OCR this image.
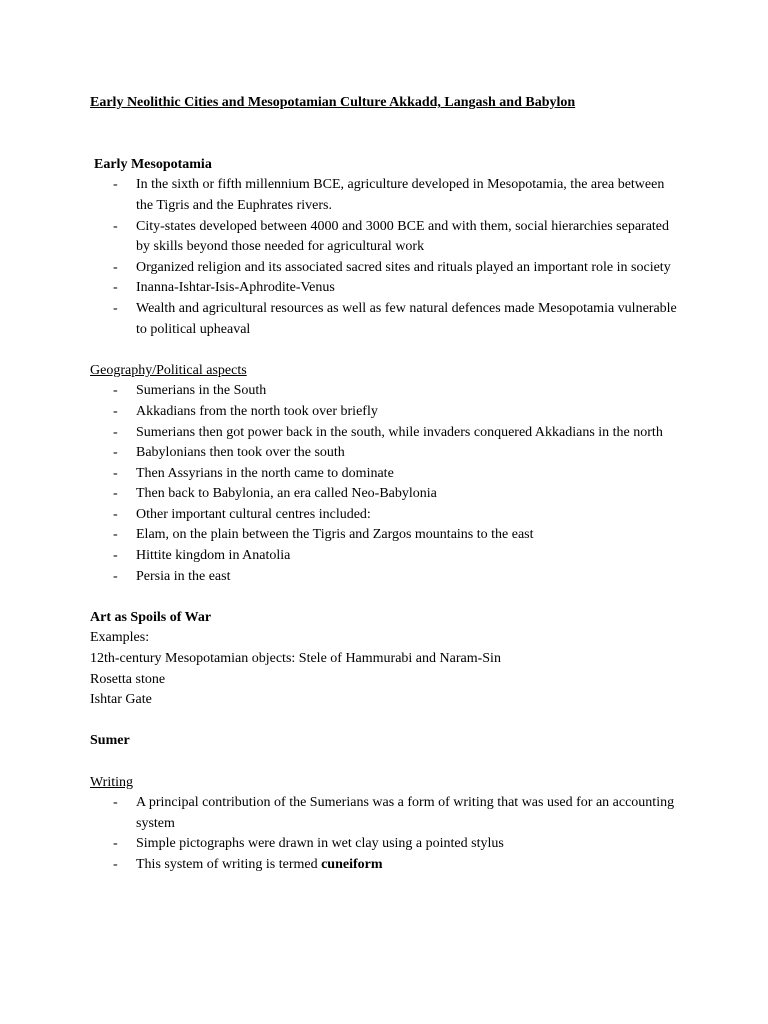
Early Neolithic Cities and Mesopotamian Culture Akkadd, Langash and Babylon

Early Mesopotamia

- In the sixth or fifth millennium BCE, agriculture developed in Mesopotamia, the area between the Tigris and the Euphrates rivers.
- City-states developed between 4000 and 3000 BCE and with them, social hierarchies separated by skills beyond those needed for agricultural work
- Organized religion and its associated sacred sites and rituals played an important role in society
- Inanna-Ishtar-Isis-Aphrodite-Venus
- Wealth and agricultural resources as well as few natural defences made Mesopotamia vulnerable to political upheaval

Geography/Political aspects

- Sumerians in the South
- Akkadians from the north took over briefly
- Sumerians then got power back in the south, while invaders conquered Akkadians in the north
- Babylonians then took over the south
- Then Assyrians in the north came to dominate
- Then back to Babylonia, an era called Neo-Babylonia
- Other important cultural centres included:
- Elam, on the plain between the Tigris and Zargos mountains to the east
- Hittite kingdom in Anatolia
- Persia in the east

Art as Spoils of War

Examples:

12th-century Mesopotamian objects: Stele of Hammurabi and Naram-Sin

Rosetta stone

Ishtar Gate

Sumer

Writing

- A principal contribution of the Sumerians was a form of writing that was used for an accounting system
- Simple pictographs were drawn in wet clay using a pointed stylus
- This system of writing is termed cuneiform
